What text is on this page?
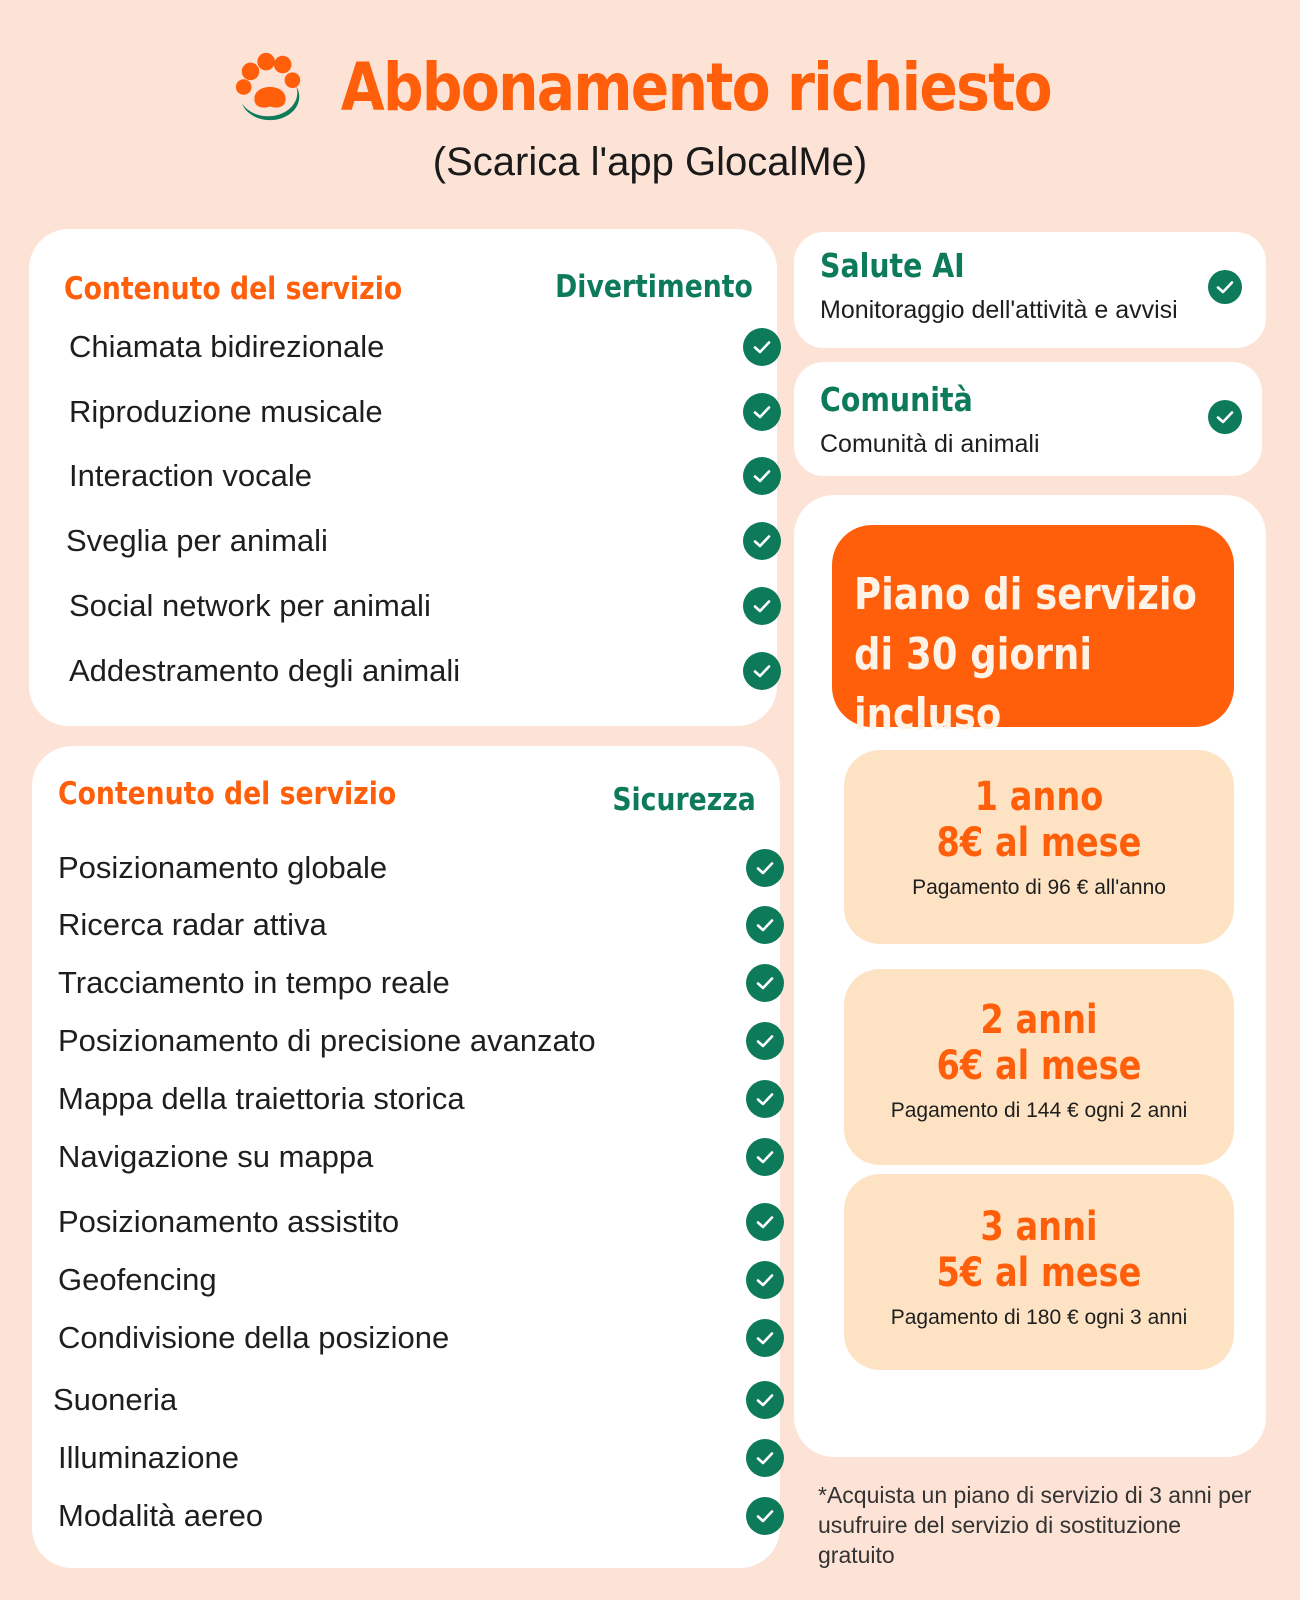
Abbonamento richiesto
(Scarica l'app GlocalMe)
Contenuto del servizio	Divertimento
Chiamata bidirezionale
Riproduzione musicale
Interaction vocale
Sveglia per animali
Social network per animali
Addestramento degli animali
Contenuto del servizio	Sicurezza
Posizionamento globale
Ricerca radar attiva
Tracciamento in tempo reale
Posizionamento di precisione avanzato
Mappa della traiettoria storica
Navigazione su mappa
Posizionamento assistito
Geofencing
Condivisione della posizione
Suoneria
Illuminazione
Modalità aereo
Salute AI
Monitoraggio dell'attività e avvisi
Comunità
Comunità di animali
Piano di servizio di 30 giorni incluso
1 anno
8€ al mese
Pagamento di 96 € all'anno
2 anni
6€ al mese
Pagamento di 144 € ogni 2 anni
3 anni
5€ al mese
Pagamento di 180 € ogni 3 anni
*Acquista un piano di servizio di 3 anni per usufruire del servizio di sostituzione gratuito
